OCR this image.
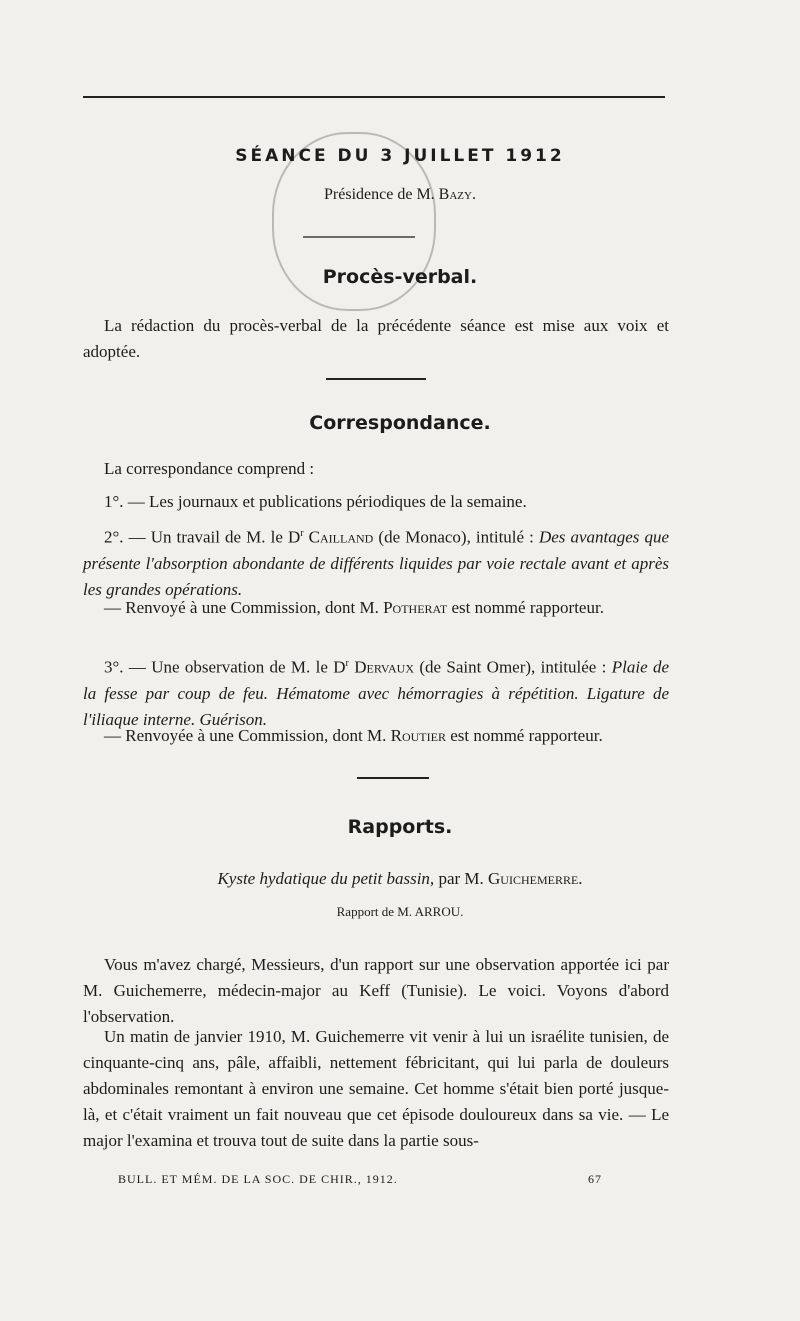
SÉANCE DU 3 JUILLET 1912
Présidence de M. Bazy.
Procès-verbal.
La rédaction du procès-verbal de la précédente séance est mise aux voix et adoptée.
Correspondance.
La correspondance comprend :
1°. — Les journaux et publications périodiques de la semaine.
2°. — Un travail de M. le $D^r$ Cailland (de Monaco), intitulé : Des avantages que présente l'absorption abondante de différents liquides par voie rectale avant et après les grandes opérations.
— Renvoyé à une Commission, dont M. Potherat est nommé rapporteur.
3°. — Une observation de M. le $D^r$ Dervaux (de Saint Omer), intitulée : Plaie de la fesse par coup de feu. Hématome avec hémorragies à répétition. Ligature de l'iliaque interne. Guérison.
— Renvoyée à une Commission, dont M. Routier est nommé rapporteur.
Rapports.
Kyste hydatique du petit bassin, par M. Guichemerre.
Rapport de M. ARROU.
Vous m'avez chargé, Messieurs, d'un rapport sur une observation apportée ici par M. Guichemerre, médecin-major au Keff (Tunisie). Le voici. Voyons d'abord l'observation.
Un matin de janvier 1910, M. Guichemerre vit venir à lui un israélite tunisien, de cinquante-cinq ans, pâle, affaibli, nettement fébricitant, qui lui parla de douleurs abdominales remontant à environ une semaine. Cet homme s'était bien porté jusque-là, et c'était vraiment un fait nouveau que cet épisode douloureux dans sa vie. — Le major l'examina et trouva tout de suite dans la partie sous-
BULL. ET MÉM. DE LA SOC. DE CHIR., 1912.	67
